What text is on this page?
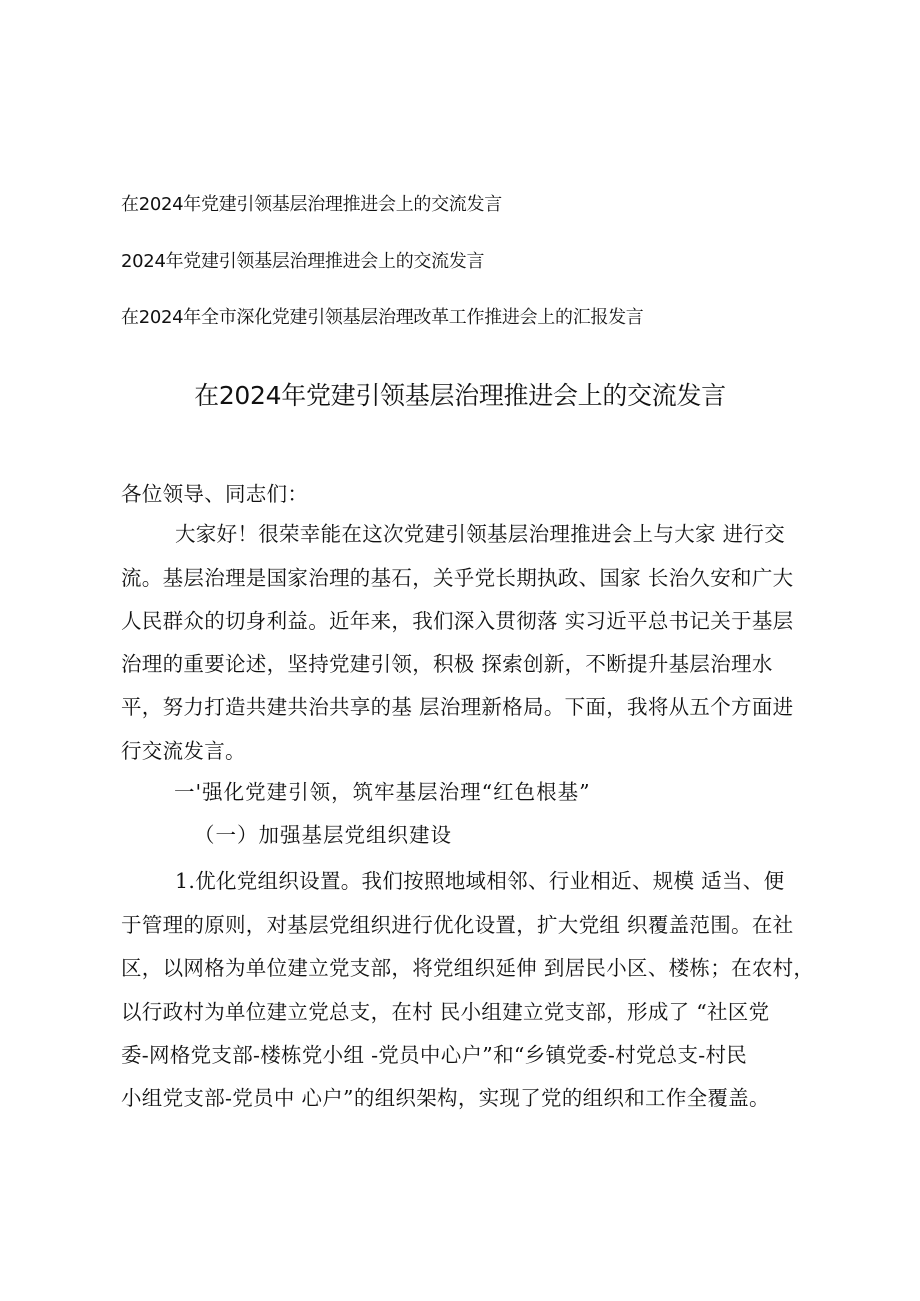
在2024年党建引领基层治理推进会上的交流发言
2024年党建引领基层治理推进会上的交流发言
在2024年全市深化党建引领基层治理改革工作推进会上的汇报发言
在2024年党建引领基层治理推进会上的交流发言
各位领导、同志们：
大家好！很荣幸能在这次党建引领基层治理推进会上与大家 进行交
流。基层治理是国家治理的基石，关乎党长期执政、国家 长治久安和广大
人民群众的切身利益。近年来，我们深入贯彻落 实习近平总书记关于基层
治理的重要论述，坚持党建引领，积极 探索创新，不断提升基层治理水
平，努力打造共建共治共享的基 层治理新格局。下面，我将从五个方面进
行交流发言。
一'强化党建引领，筑牢基层治理“红色根基”
（一）加强基层党组织建设
1.优化党组织设置。我们按照地域相邻、行业相近、规模 适当、便
于管理的原则，对基层党组织进行优化设置，扩大党组 织覆盖范围。在社
区，以网格为单位建立党支部，将党组织延伸 到居民小区、楼栋；在农村，
以行政村为单位建立党总支，在村 民小组建立党支部，形成了 “社区党
委-网格党支部-楼栋党小组 -党员中心户”和“乡镇党委-村党总支-村民
小组党支部-党员中 心户”的组织架构，实现了党的组织和工作全覆盖。
